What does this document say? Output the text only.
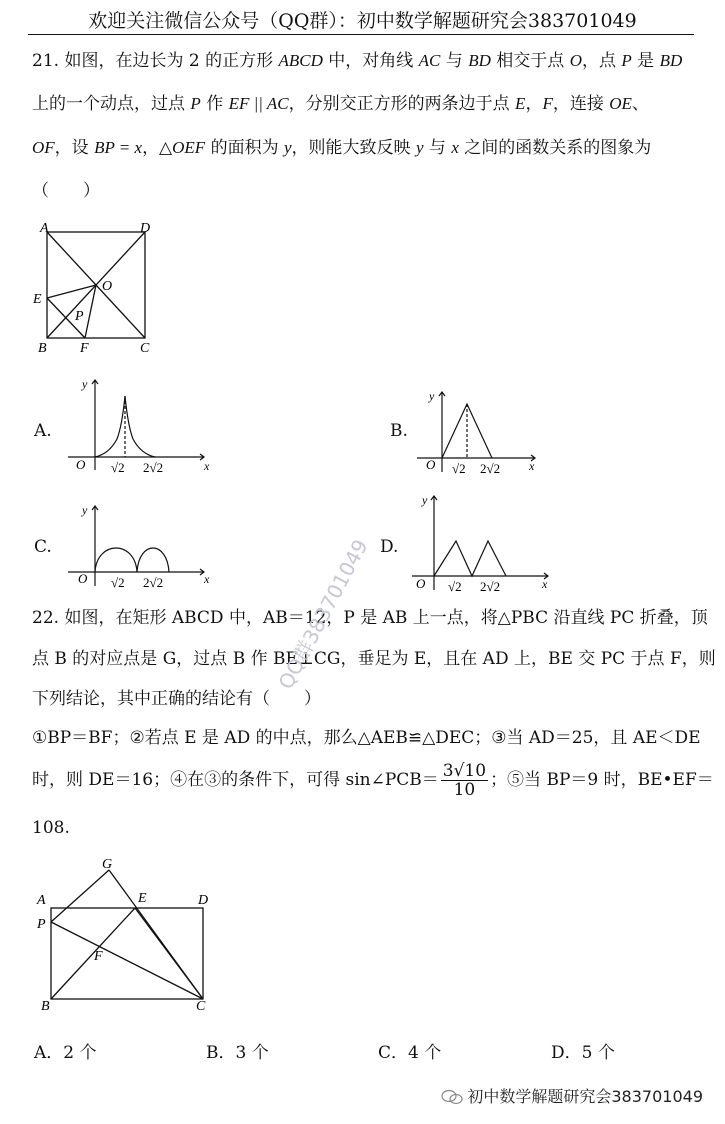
欢迎关注微信公众号（QQ群）：初中数学解题研究会383701049
21. 如图，在边长为 2 的正方形 ABCD 中，对角线 AC 与 BD 相交于点 O，点 P 是 BD
上的一个动点，过点 P 作 EF || AC，分别交正方形的两条边于点 E，F，连接 OE、
OF，设 BP = x，△OEF 的面积为 y，则能大致反映 y 与 x 之间的函数关系的图象为
（　　）
A	D
E
O
P
B F	C
A.	B.
C.	D.
O
y
x
√2 2√2	O
y
x
√2 2√2
O
y
x
√2 2√2	O
y
x
√2 2√2
22. 如图，在矩形 ABCD 中，AB＝12，P 是 AB 上一点，将△PBC 沿直线 PC 折叠，顶
点 B 的对应点是 G，过点 B 作 BE⊥CG，垂足为 E，且在 AD 上，BE 交 PC 于点 F，则
下列结论，其中正确的结论有（　　）
①BP＝BF；②若点 E 是 AD 的中点，那么△AEB≌△DEC；③当 AD＝25，且 AE＜DE
时，则 DE＝16；④在③的条件下，可得 sin∠PCB＝ $\frac{3√10}{10}$ ；⑤当 BP＝9 时，BE•EF＝
108.
G
A	E	D
P
F
B	C
A．2 个	B．3 个	C．4 个	D．5 个
QQ群383701049
初中数学解题研究会383701049
